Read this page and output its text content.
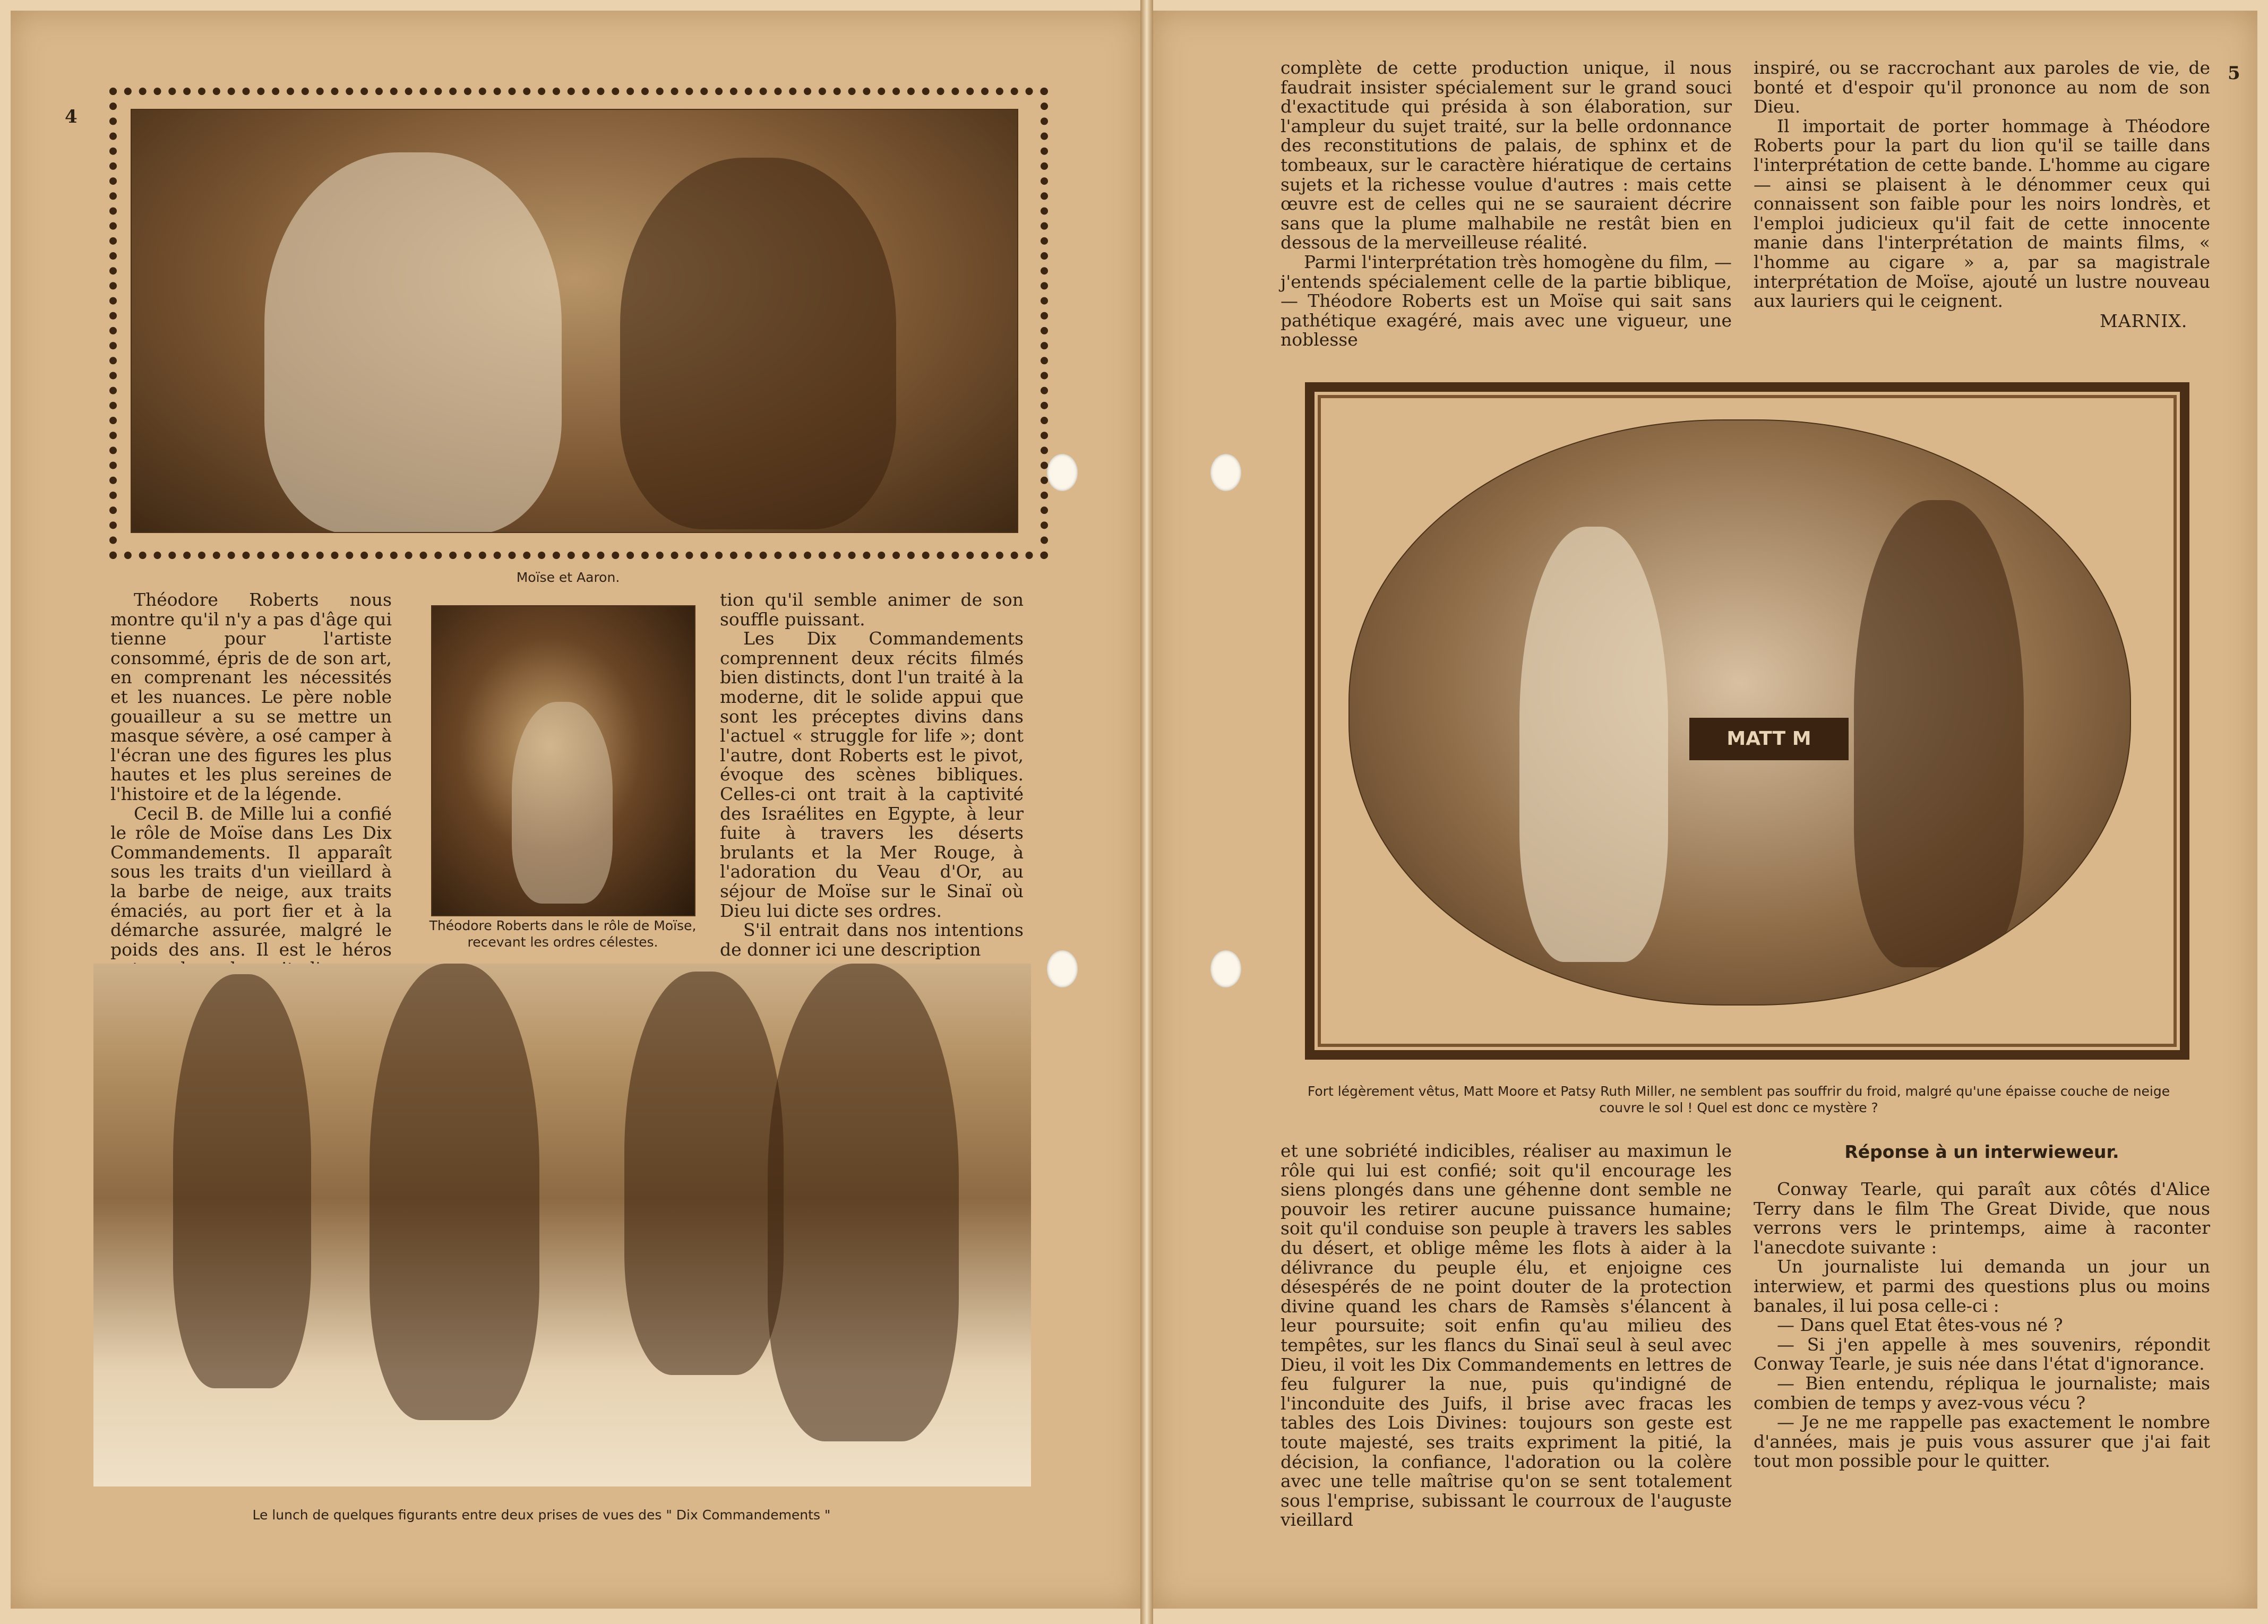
4
Moïse et Aaron.

Théodore Roberts nous montre qu'il n'y a pas d'âge qui tienne pour l'artiste consommé, épris de de son art, en comprenant les nécessités et les nuances. Le père noble gouailleur a su se mettre un masque sévère, a osé camper à l'écran une des figures les plus hautes et les plus sereines de l'histoire et de la légende.

Cecil B. de Mille lui a confié le rôle de Moïse dans Les Dix Commandements. Il apparaît sous les traits d'un vieillard à la barbe de neige, aux traits émaciés, au port fier et à la démarche assurée, malgré le poids des ans. Il est le héros

Théodore Roberts dans le rôle de Moïse, recevant les ordres célestes.

tion qu'il semble animer de son souffle puissant.

Les Dix Commandements comprennent deux récits filmés bien distincts, dont l'un traité à la moderne, dit le solide appui que sont les préceptes divins dans l'actuel « struggle for life »; dont l'autre, dont Roberts est le pivot, évoque des scènes bibliques. Celles-ci ont trait à la captivité des Israélites en Egypte, à leur fuite à travers les déserts brulants et la Mer Rouge, à l'adoration du Veau d'Or, au séjour de Moïse sur le Sinaï où Dieu lui dicte ses ordres.

S'il entrait dans nos intentions de donner ici une description

Le lunch de quelques figurants entre deux prises de vues des " Dix Commandements "
5

complète de cette production unique, il nous faudrait insister spécialement sur le grand souci d'exactitude qui présida à son élaboration, sur l'ampleur du sujet traité, sur la belle ordonnance des reconstitutions de palais, de sphinx et de tombeaux, sur le caractère hiératique de certains sujets et la richesse voulue d'autres : mais cette œuvre est de celles qui ne se sauraient décrire sans que la plume malhabile ne restât bien en dessous de la merveilleuse réalité.

Parmi l'interprétation très homogène du film, — j'entends spécialement celle de la partie biblique, — Théodore Roberts est un Moïse qui sait sans pathétique exagéré, mais avec une vigueur, une noblesse

inspiré, ou se raccrochant aux paroles de vie, de bonté et d'espoir qu'il prononce au nom de son Dieu.

Il importait de porter hommage à Théodore Roberts pour la part du lion qu'il se taille dans l'interprétation de cette bande. L'homme au cigare — ainsi se plaisent à le dénommer ceux qui connaissent son faible pour les noirs londrès, et l'emploi judicieux qu'il fait de cette innocente manie dans l'interprétation de maints films, « l'homme au cigare » a, par sa magistrale interprétation de Moïse, ajouté un lustre nouveau aux lauriers qui le ceignent.

MARNIX.
MATT M
Fort légèrement vêtus, Matt Moore et Patsy Ruth Miller, ne semblent pas souffrir du froid, malgré qu'une épaisse couche de neige couvre le sol ! Quel est donc ce mystère ?

et une sobriété indicibles, réaliser au maximun le rôle qui lui est confié; soit qu'il encourage les siens plongés dans une géhenne dont semble ne pouvoir les retirer aucune puissance humaine; soit qu'il conduise son peuple à travers les sables du désert, et oblige même les flots à aider à la délivrance du peuple élu, et enjoigne ces désespérés de ne point douter de la protection divine quand les chars de Ramsès s'élancent à leur poursuite; soit enfin qu'au milieu des tempêtes, sur les flancs du Sinaï seul à seul avec Dieu, il voit les Dix Commandements en lettres de feu fulgurer la nue, puis qu'indigné de l'inconduite des Juifs, il brise avec fracas les tables des Lois Divines: toujours son geste est toute majesté, ses traits expriment la pitié, la décision, la confiance, l'adoration ou la colère avec une telle maîtrise qu'on se sent totalement sous l'emprise, subissant le courroux de l'auguste vieillard

Réponse à un interwieweur.

Conway Tearle, qui paraît aux côtés d'Alice Terry dans le film The Great Divide, que nous verrons vers le printemps, aime à raconter l'anecdote suivante :

Un journaliste lui demanda un jour un interwiew, et parmi des questions plus ou moins banales, il lui posa celle-ci :

— Dans quel Etat êtes-vous né ?

— Si j'en appelle à mes souvenirs, répondit Conway Tearle, je suis née dans l'état d'ignorance.

— Bien entendu, répliqua le journaliste; mais combien de temps y avez-vous vécu ?

— Je ne me rappelle pas exactement le nombre d'années, mais je puis vous assurer que j'ai fait tout mon possible pour le quitter.
